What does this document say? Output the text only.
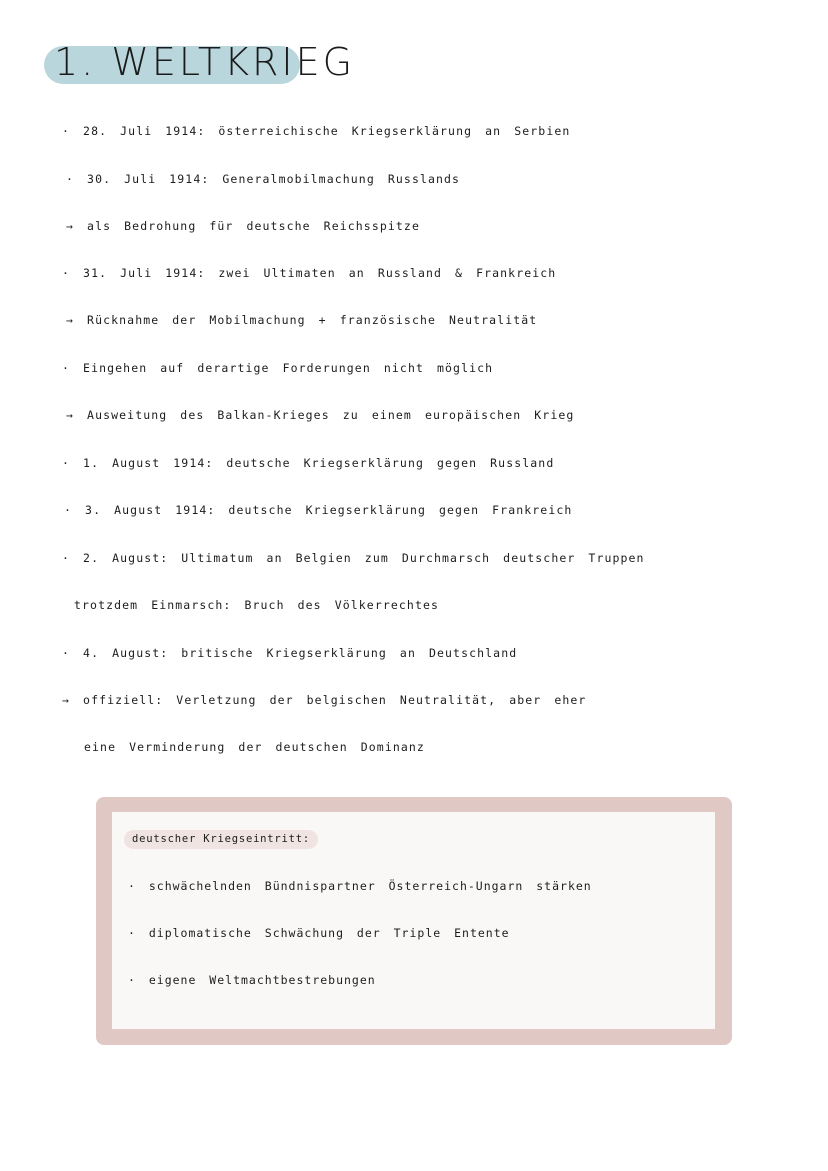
1. WELTKRIEG
· 28. Juli 1914: österreichische Kriegserklärung an Serbien
· 30. Juli 1914: Generalmobilmachung Russlands
→ als Bedrohung für deutsche Reichsspitze
· 31. Juli 1914: zwei Ultimaten an Russland & Frankreich
→ Rücknahme der Mobilmachung + französische Neutralität
· Eingehen auf derartige Forderungen nicht möglich
→ Ausweitung des Balkan-Krieges zu einem europäischen Krieg
· 1. August 1914: deutsche Kriegserklärung gegen Russland
· 3. August 1914: deutsche Kriegserklärung gegen Frankreich
· 2. August: Ultimatum an Belgien zum Durchmarsch deutscher Truppen
trotzdem Einmarsch: Bruch des Völkerrechtes
· 4. August: britische Kriegserklärung an Deutschland
→ offiziell: Verletzung der belgischen Neutralität, aber eher
eine Verminderung der deutschen Dominanz
deutscher Kriegseintritt:
· schwächelnden Bündnispartner Österreich-Ungarn stärken
· diplomatische Schwächung der Triple Entente
· eigene Weltmachtbestrebungen
